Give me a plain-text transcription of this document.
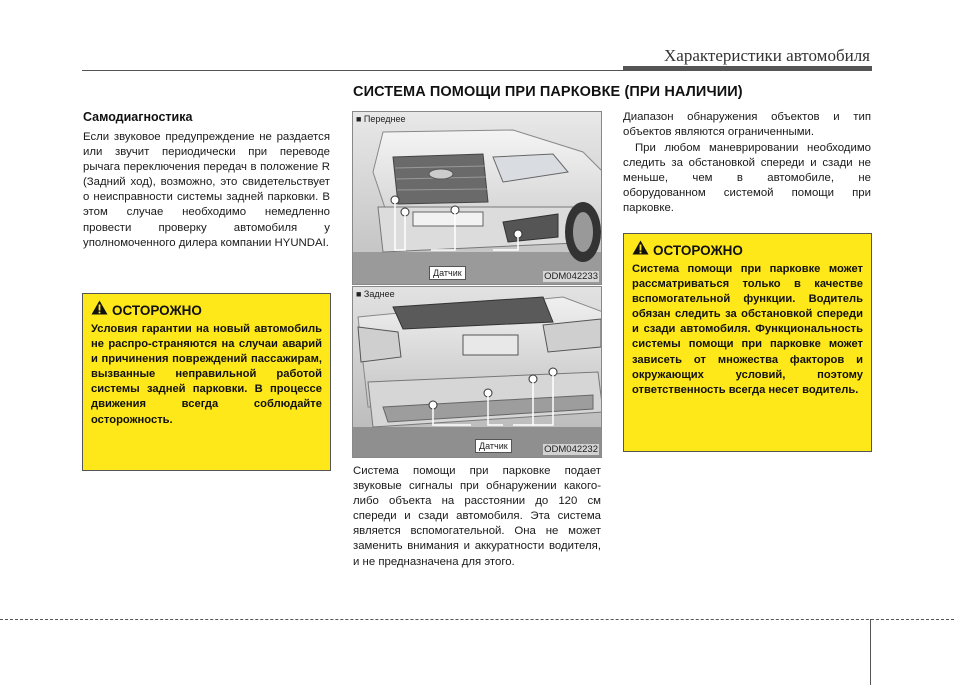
Характеристики автомобиля
СИСТЕМА ПОМОЩИ ПРИ ПАРКОВКЕ (ПРИ НАЛИЧИИ)
Самодиагностика

Если звуковое предупреждение не раздается или звучит периодически при переводе рычага переключения передач в положение R (Задний ход), возможно, это свидетельствует о неисправности системы задней парковки. В этом случае необходимо немедленно провести проверку автомобиля у уполномоченного дилера компании HYUNDAI.

ОСТОРОЖНО

Условия гарантии на новый автомобиль не распро-страняются на случаи аварий и причинения повреждений пассажирам, вызванные неправильной работой системы задней парковки. В процессе движения всегда соблюдайте осторожность.

■ Переднее
Датчик	ODM042233
■ Заднее
Датчик	ODM042232

Система помощи при парковке подает звуковые сигналы при обнаружении какого-либо объекта на расстоянии до 120 см спереди и сзади автомобиля. Эта система является вспомогательной. Она не может заменить внимания и аккуратности водителя, и не предназначена для этого.

Диапазон обнаружения объектов и тип объектов являются ограниченными.

При любом маневрировании необходимо следить за обстановкой спереди и сзади не меньше, чем в автомобиле, не оборудованном системой помощи при парковке.

ОСТОРОЖНО

Система помощи при парковке может рассматриваться только в качестве вспомогательной функции. Водитель обязан следить за обстановкой спереди и сзади автомобиля. Функциональность системы помощи при парковке может зависеть от множества факторов и окружающих условий, поэтому ответственность всегда несет водитель.
